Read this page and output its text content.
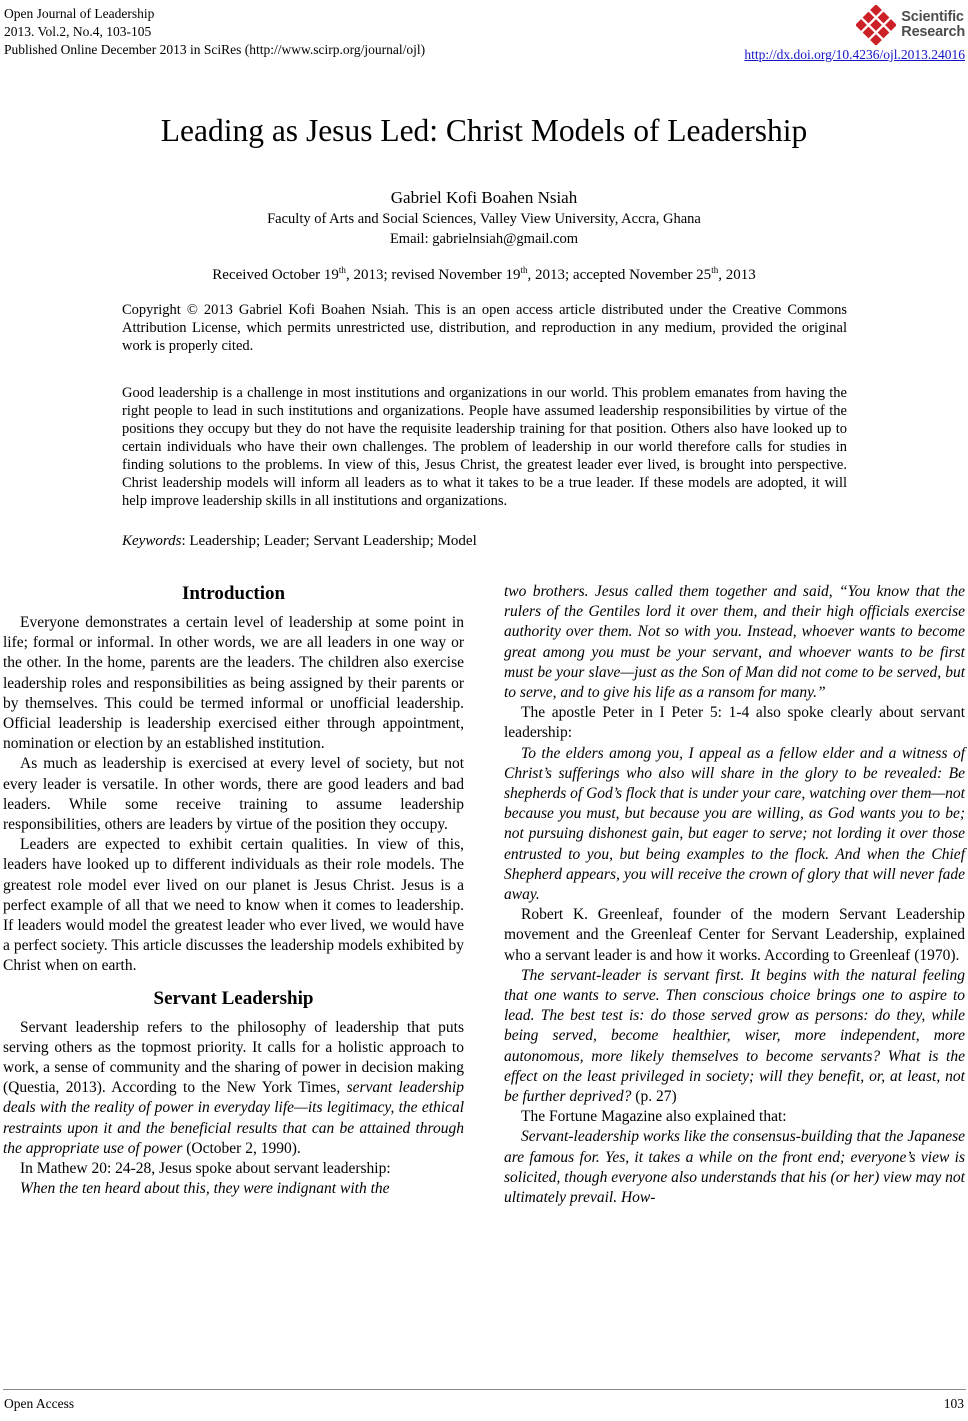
Open Journal of Leadership
2013. Vol.2, No.4, 103-105
Published Online December 2013 in SciRes (http://www.scirp.org/journal/ojl)
Scientific
Research
http://dx.doi.org/10.4236/ojl.2013.24016
Leading as Jesus Led: Christ Models of Leadership
Gabriel Kofi Boahen Nsiah
Faculty of Arts and Social Sciences, Valley View University, Accra, Ghana
Email: gabrielnsiah@gmail.com
Received October 19th, 2013; revised November 19th, 2013; accepted November 25th, 2013
Copyright © 2013 Gabriel Kofi Boahen Nsiah. This is an open access article distributed under the Creative Commons Attribution License, which permits unrestricted use, distribution, and reproduction in any medium, provided the original work is properly cited.
Good leadership is a challenge in most institutions and organizations in our world. This problem emanates from having the right people to lead in such institutions and organizations. People have assumed leadership responsibilities by virtue of the positions they occupy but they do not have the requisite leadership training for that position. Others also have looked up to certain individuals who have their own challenges. The problem of leadership in our world therefore calls for studies in finding solutions to the problems. In view of this, Jesus Christ, the greatest leader ever lived, is brought into perspective. Christ leadership models will inform all leaders as to what it takes to be a true leader. If these models are adopted, it will help improve leadership skills in all institutions and organizations.
Keywords: Leadership; Leader; Servant Leadership; Model
Introduction

Everyone demonstrates a certain level of leadership at some point in life; formal or informal. In other words, we are all leaders in one way or the other. In the home, parents are the leaders. The children also exercise leadership roles and responsibilities as being assigned by their parents or by themselves. This could be termed informal or unofficial leadership. Official leadership is leadership exercised either through appointment, nomination or election by an established institution.

As much as leadership is exercised at every level of society, but not every leader is versatile. In other words, there are good leaders and bad leaders. While some receive training to assume leadership responsibilities, others are leaders by virtue of the position they occupy.

Leaders are expected to exhibit certain qualities. In view of this, leaders have looked up to different individuals as their role models. The greatest role model ever lived on our planet is Jesus Christ. Jesus is a perfect example of all that we need to know when it comes to leadership. If leaders would model the greatest leader who ever lived, we would have a perfect society. This article discusses the leadership models exhibited by Christ when on earth.

Servant Leadership

Servant leadership refers to the philosophy of leadership that puts serving others as the topmost priority. It calls for a holistic approach to work, a sense of community and the sharing of power in decision making (Questia, 2013). According to the New York Times, servant leadership deals with the reality of power in everyday life—its legitimacy, the ethical restraints upon it and the beneficial results that can be attained through the appropriate use of power (October 2, 1990).

In Mathew 20: 24-28, Jesus spoke about servant leadership:

When the ten heard about this, they were indignant with the

two brothers. Jesus called them together and said, “You know that the rulers of the Gentiles lord it over them, and their high officials exercise authority over them. Not so with you. Instead, whoever wants to become great among you must be your servant, and whoever wants to be first must be your slave—just as the Son of Man did not come to be served, but to serve, and to give his life as a ransom for many.”

The apostle Peter in I Peter 5: 1-4 also spoke clearly about servant leadership:

To the elders among you, I appeal as a fellow elder and a witness of Christ’s sufferings who also will share in the glory to be revealed: Be shepherds of God’s flock that is under your care, watching over them—not because you must, but because you are willing, as God wants you to be; not pursuing dishonest gain, but eager to serve; not lording it over those entrusted to you, but being examples to the flock. And when the Chief Shepherd appears, you will receive the crown of glory that will never fade away.

Robert K. Greenleaf, founder of the modern Servant Leadership movement and the Greenleaf Center for Servant Leadership, explained who a servant leader is and how it works. According to Greenleaf (1970).

The servant-leader is servant first. It begins with the natural feeling that one wants to serve. Then conscious choice brings one to aspire to lead. The best test is: do those served grow as persons: do they, while being served, become healthier, wiser, more independent, more autonomous, more likely themselves to become servants? What is the effect on the least privileged in society; will they benefit, or, at least, not be further deprived? (p. 27)

The Fortune Magazine also explained that:

Servant-leadership works like the consensus-building that the Japanese are famous for. Yes, it takes a while on the front end; everyone’s view is solicited, though everyone also understands that his (or her) view may not ultimately prevail. How-

Open Access	103
